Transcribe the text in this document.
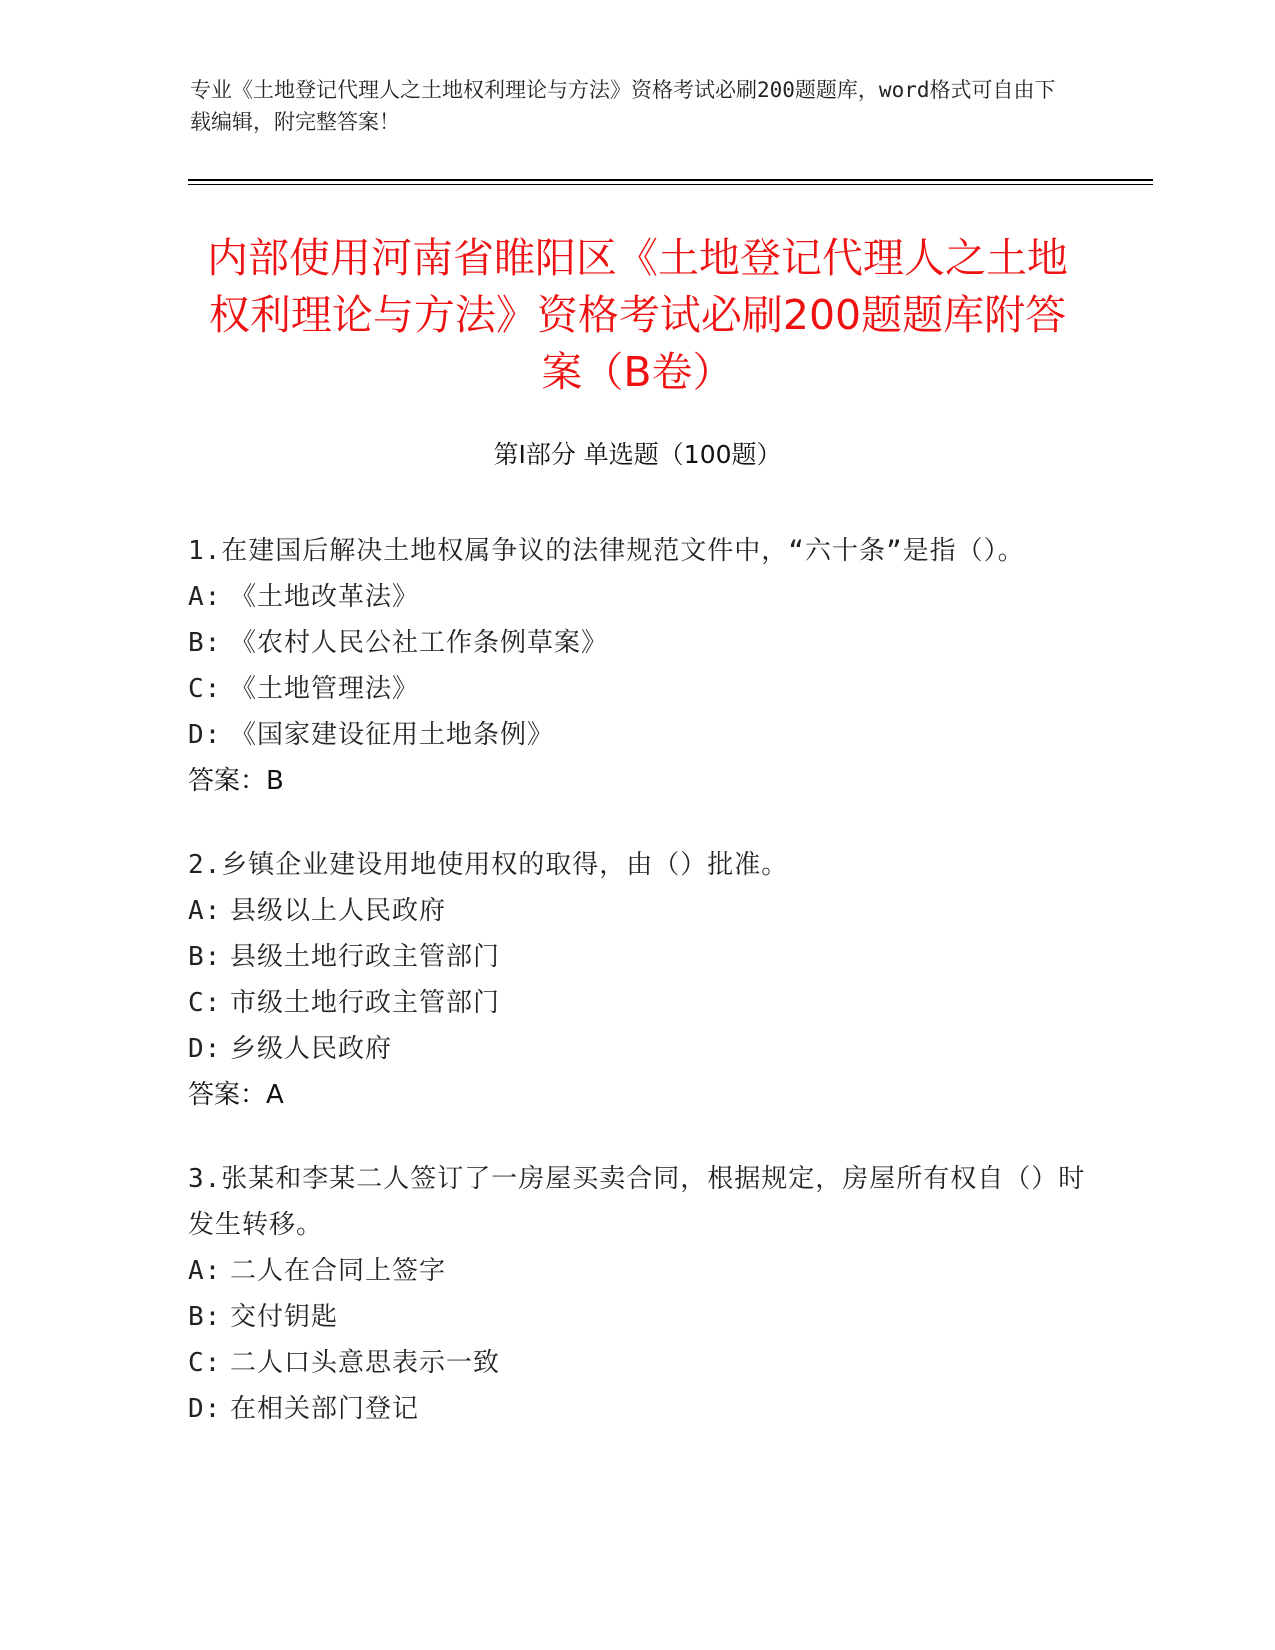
专业《土地登记代理人之土地权利理论与方法》资格考试必刷200题题库，word格式可自由下载编辑，附完整答案！
内部使用河南省睢阳区《土地登记代理人之土地权利理论与方法》资格考试必刷200题题库附答案（B卷）
第Ⅰ部分 单选题（100题）
1.在建国后解决土地权属争议的法律规范文件中，“六十条”是指（）。
A: 《土地改革法》
B: 《农村人民公社工作条例草案》
C: 《土地管理法》
D: 《国家建设征用土地条例》
答案：B
2.乡镇企业建设用地使用权的取得，由（）批准。
A: 县级以上人民政府
B: 县级土地行政主管部门
C: 市级土地行政主管部门
D: 乡级人民政府
答案：A
3.张某和李某二人签订了一房屋买卖合同，根据规定，房屋所有权自（）时发生转移。
A: 二人在合同上签字
B: 交付钥匙
C: 二人口头意思表示一致
D: 在相关部门登记
